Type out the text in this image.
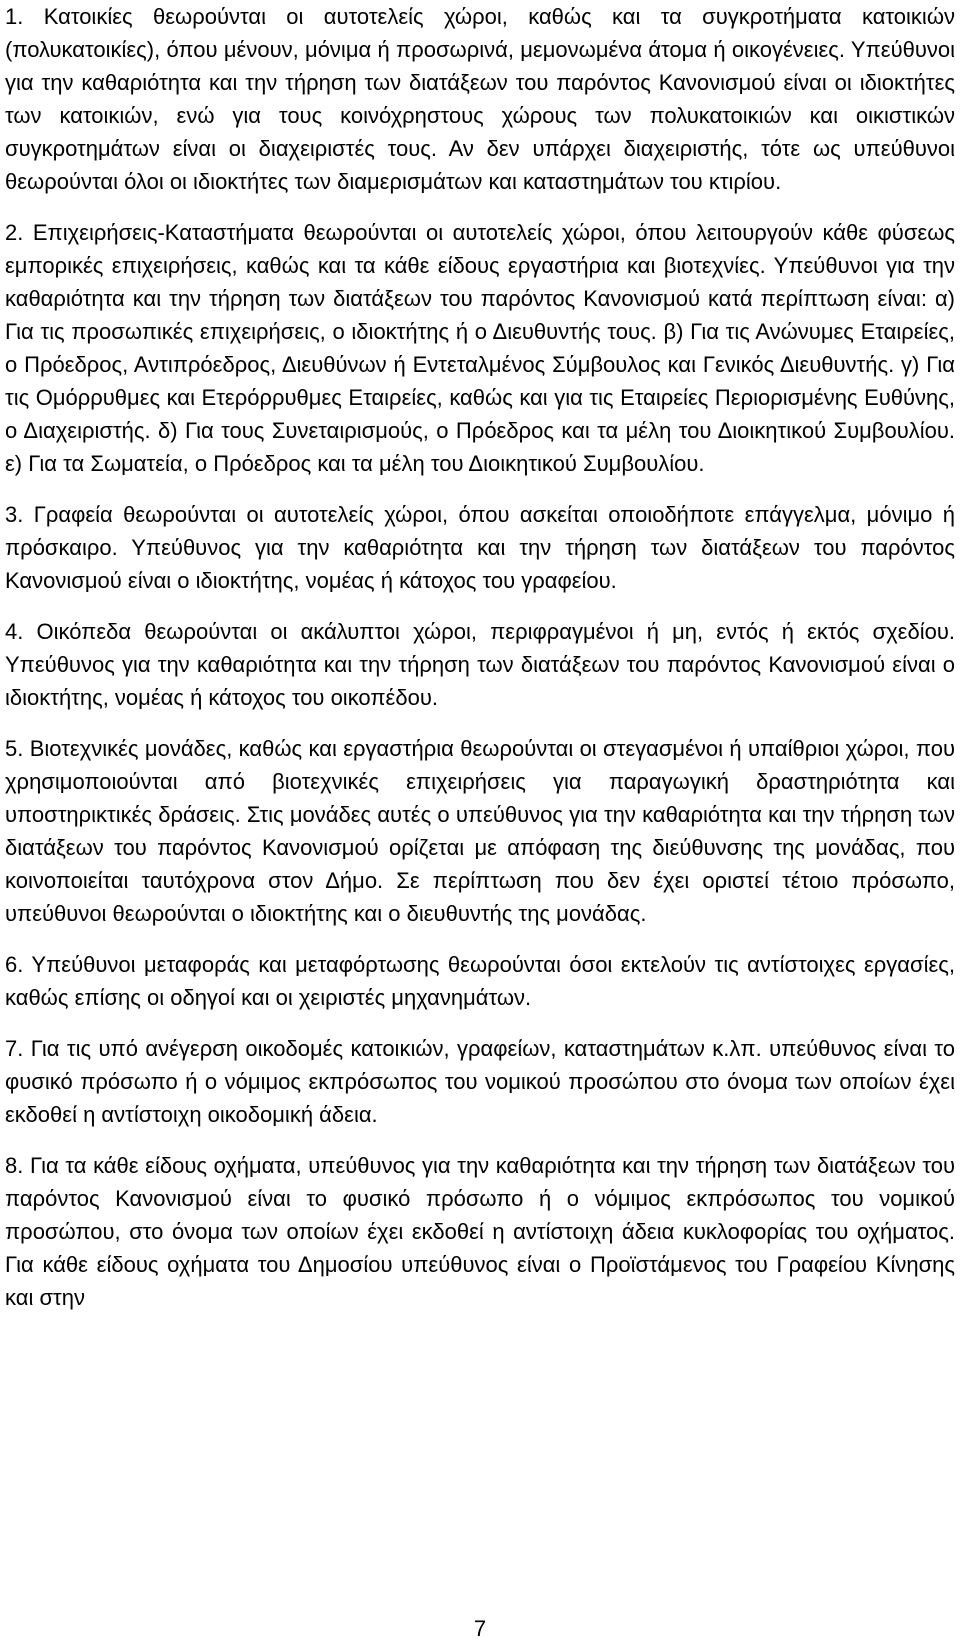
1. Κατοικίες θεωρούνται οι αυτοτελείς χώροι, καθώς και τα συγκροτήματα κατοικιών (πολυκατοικίες), όπου μένουν, μόνιμα ή προσωρινά, μεμονωμένα άτομα ή οικογένειες. Υπεύθυνοι για την καθαριότητα και την τήρηση των διατάξεων του παρόντος Κανονισμού είναι οι ιδιοκτήτες των κατοικιών, ενώ για τους κοινόχρηστους χώρους των πολυκατοικιών και οικιστικών συγκροτημάτων είναι οι διαχειριστές τους. Αν δεν υπάρχει διαχειριστής, τότε ως υπεύθυνοι θεωρούνται όλοι οι ιδιοκτήτες των διαμερισμάτων και καταστημάτων του κτιρίου.

2. Επιχειρήσεις-Καταστήματα θεωρούνται οι αυτοτελείς χώροι, όπου λειτουργούν κάθε φύσεως εμπορικές επιχειρήσεις, καθώς και τα κάθε είδους εργαστήρια και βιοτεχνίες. Υπεύθυνοι για την καθαριότητα και την τήρηση των διατάξεων του παρόντος Κανονισμού κατά περίπτωση είναι: α) Για τις προσωπικές επιχειρήσεις, ο ιδιοκτήτης ή ο Διευθυντής τους. β) Για τις Ανώνυμες Εταιρείες, ο Πρόεδρος, Αντιπρόεδρος, Διευθύνων ή Εντεταλμένος Σύμβουλος και Γενικός Διευθυντής. γ) Για τις Ομόρρυθμες και Ετερόρρυθμες Εταιρείες, καθώς και για τις Εταιρείες Περιορισμένης Ευθύνης, ο Διαχειριστής. δ) Για τους Συνεταιρισμούς, ο Πρόεδρος και τα μέλη του Διοικητικού Συμβουλίου. ε) Για τα Σωματεία, ο Πρόεδρος και τα μέλη του Διοικητικού Συμβουλίου.

3. Γραφεία θεωρούνται οι αυτοτελείς χώροι, όπου ασκείται οποιοδήποτε επάγγελμα, μόνιμο ή πρόσκαιρο. Υπεύθυνος για την καθαριότητα και την τήρηση των διατάξεων του παρόντος Κανονισμού είναι ο ιδιοκτήτης, νομέας ή κάτοχος του γραφείου.

4. Οικόπεδα θεωρούνται οι ακάλυπτοι χώροι, περιφραγμένοι ή μη, εντός ή εκτός σχεδίου. Υπεύθυνος για την καθαριότητα και την τήρηση των διατάξεων του παρόντος Κανονισμού είναι ο ιδιοκτήτης, νομέας ή κάτοχος του οικοπέδου.

5. Βιοτεχνικές μονάδες, καθώς και εργαστήρια θεωρούνται οι στεγασμένοι ή υπαίθριοι χώροι, που χρησιμοποιούνται από βιοτεχνικές επιχειρήσεις για παραγωγική δραστηριότητα και υποστηρικτικές δράσεις. Στις μονάδες αυτές ο υπεύθυνος για την καθαριότητα και την τήρηση των διατάξεων του παρόντος Κανονισμού ορίζεται με απόφαση της διεύθυνσης της μονάδας, που κοινοποιείται ταυτόχρονα στον Δήμο. Σε περίπτωση που δεν έχει οριστεί τέτοιο πρόσωπο, υπεύθυνοι θεωρούνται ο ιδιοκτήτης και ο διευθυντής της μονάδας.

6. Υπεύθυνοι μεταφοράς και μεταφόρτωσης θεωρούνται όσοι εκτελούν τις αντίστοιχες εργασίες, καθώς επίσης οι οδηγοί και οι χειριστές μηχανημάτων.

7. Για τις υπό ανέγερση οικοδομές κατοικιών, γραφείων, καταστημάτων κ.λπ. υπεύθυνος είναι το φυσικό πρόσωπο ή ο νόμιμος εκπρόσωπος του νομικού προσώπου στο όνομα των οποίων έχει εκδοθεί η αντίστοιχη οικοδομική άδεια.

8. Για τα κάθε είδους οχήματα, υπεύθυνος για την καθαριότητα και την τήρηση των διατάξεων του παρόντος Κανονισμού είναι το φυσικό πρόσωπο ή ο νόμιμος εκπρόσωπος του νομικού προσώπου, στο όνομα των οποίων έχει εκδοθεί η αντίστοιχη άδεια κυκλοφορίας του οχήματος. Για κάθε είδους οχήματα του Δημοσίου υπεύθυνος είναι ο Προϊστάμενος του Γραφείου Κίνησης και στην

7
